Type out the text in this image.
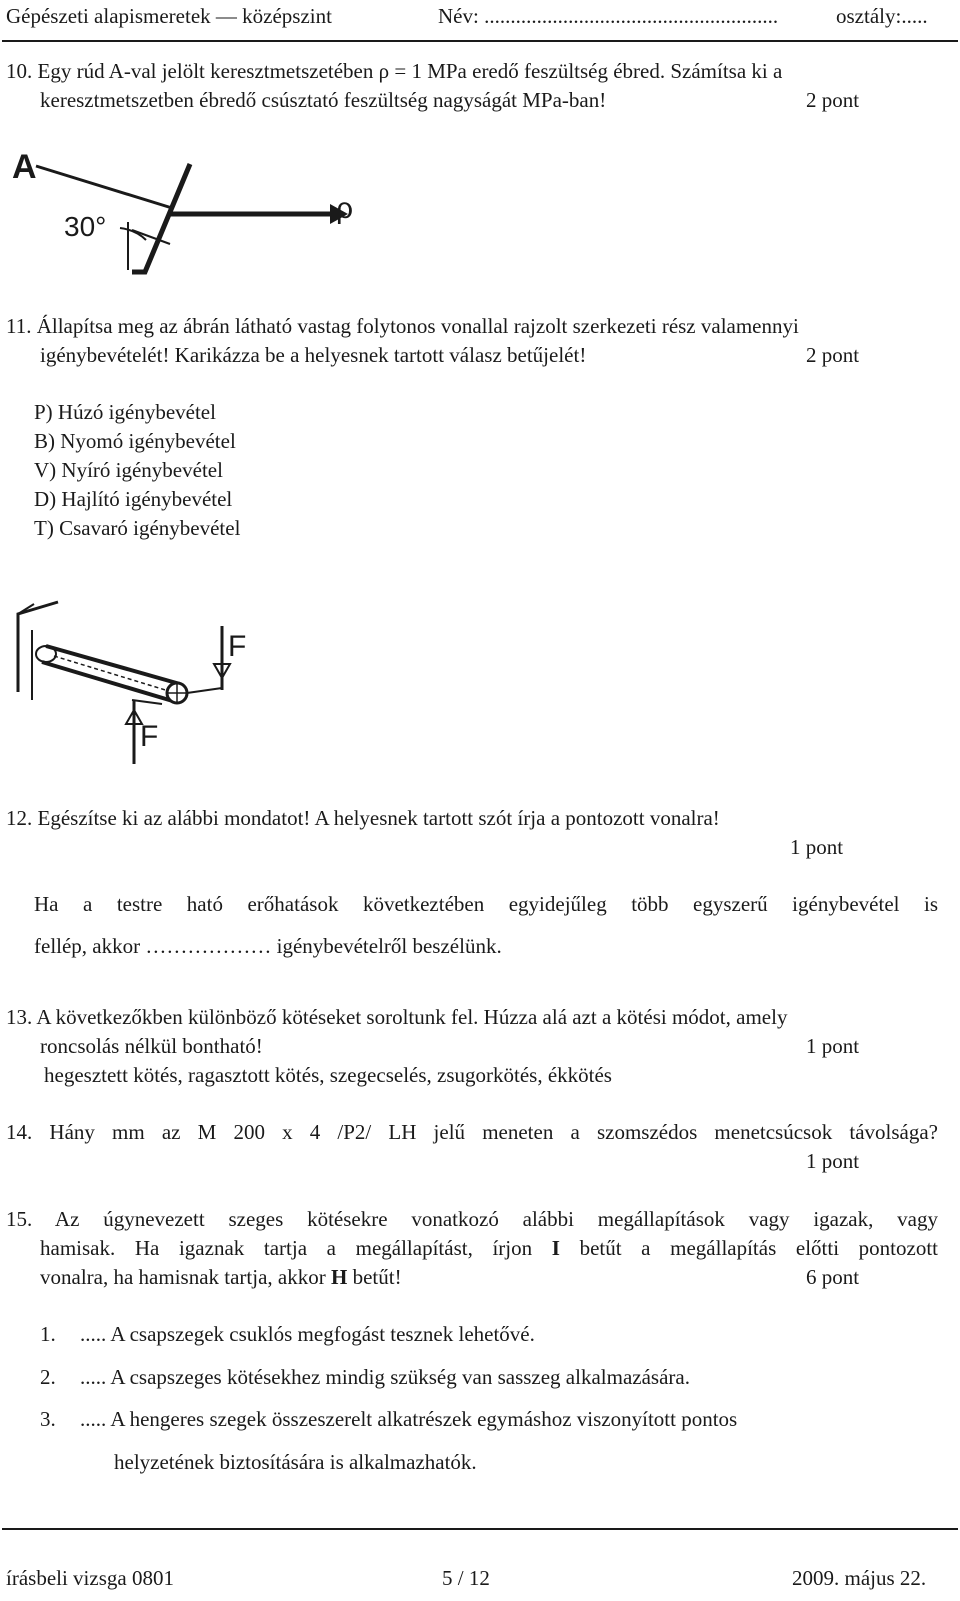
Gépészeti alapismeretek — középszint	Név: ........................................................	osztály:.....
10. Egy rúd A-val jelölt keresztmetszetében ρ = 1 MPa eredő feszültség ébred. Számítsa ki a
keresztmetszetben ébredő csúsztató feszültség nagyságát MPa-ban!	2 pont
A
ρ
30°
11. Állapítsa meg az ábrán látható vastag folytonos vonallal rajzolt szerkezeti rész valamennyi
igénybevételét! Karikázza be a helyesnek tartott válasz betűjelét!	2 pont
P) Húzó igénybevétel
B) Nyomó igénybevétel
V) Nyíró igénybevétel
D) Hajlító igénybevétel
T) Csavaró igénybevétel
F
F
12. Egészítse ki az alábbi mondatot! A helyesnek tartott szót írja a pontozott vonalra!
1 pont
Ha a testre ható erőhatások következtében egyidejűleg több egyszerű igénybevétel is
fellép, akkor ……………… igénybevételről beszélünk.
13. A következőkben különböző kötéseket soroltunk fel. Húzza alá azt a kötési módot, amely
roncsolás nélkül bontható!	1 pont
hegesztett kötés, ragasztott kötés, szegecselés, zsugorkötés, ékkötés
14. Hány mm az M 200 x 4 /P2/ LH jelű meneten a szomszédos menetcsúcsok távolsága?
1 pont
15. Az úgynevezett szeges kötésekre vonatkozó alábbi megállapítások vagy igazak, vagy
hamisak. Ha igaznak tartja a megállapítást, írjon I betűt a megállapítás előtti pontozott
vonalra, ha hamisnak tartja, akkor H betűt!	6 pont
1. ..... A csapszegek csuklós megfogást tesznek lehetővé.
2. ..... A csapszeges kötésekhez mindig szükség van sasszeg alkalmazására.
3. ..... A hengeres szegek összeszerelt alkatrészek egymáshoz viszonyított pontos
helyzetének biztosítására is alkalmazhatók.
írásbeli vizsga 0801	5 / 12	2009. május 22.
